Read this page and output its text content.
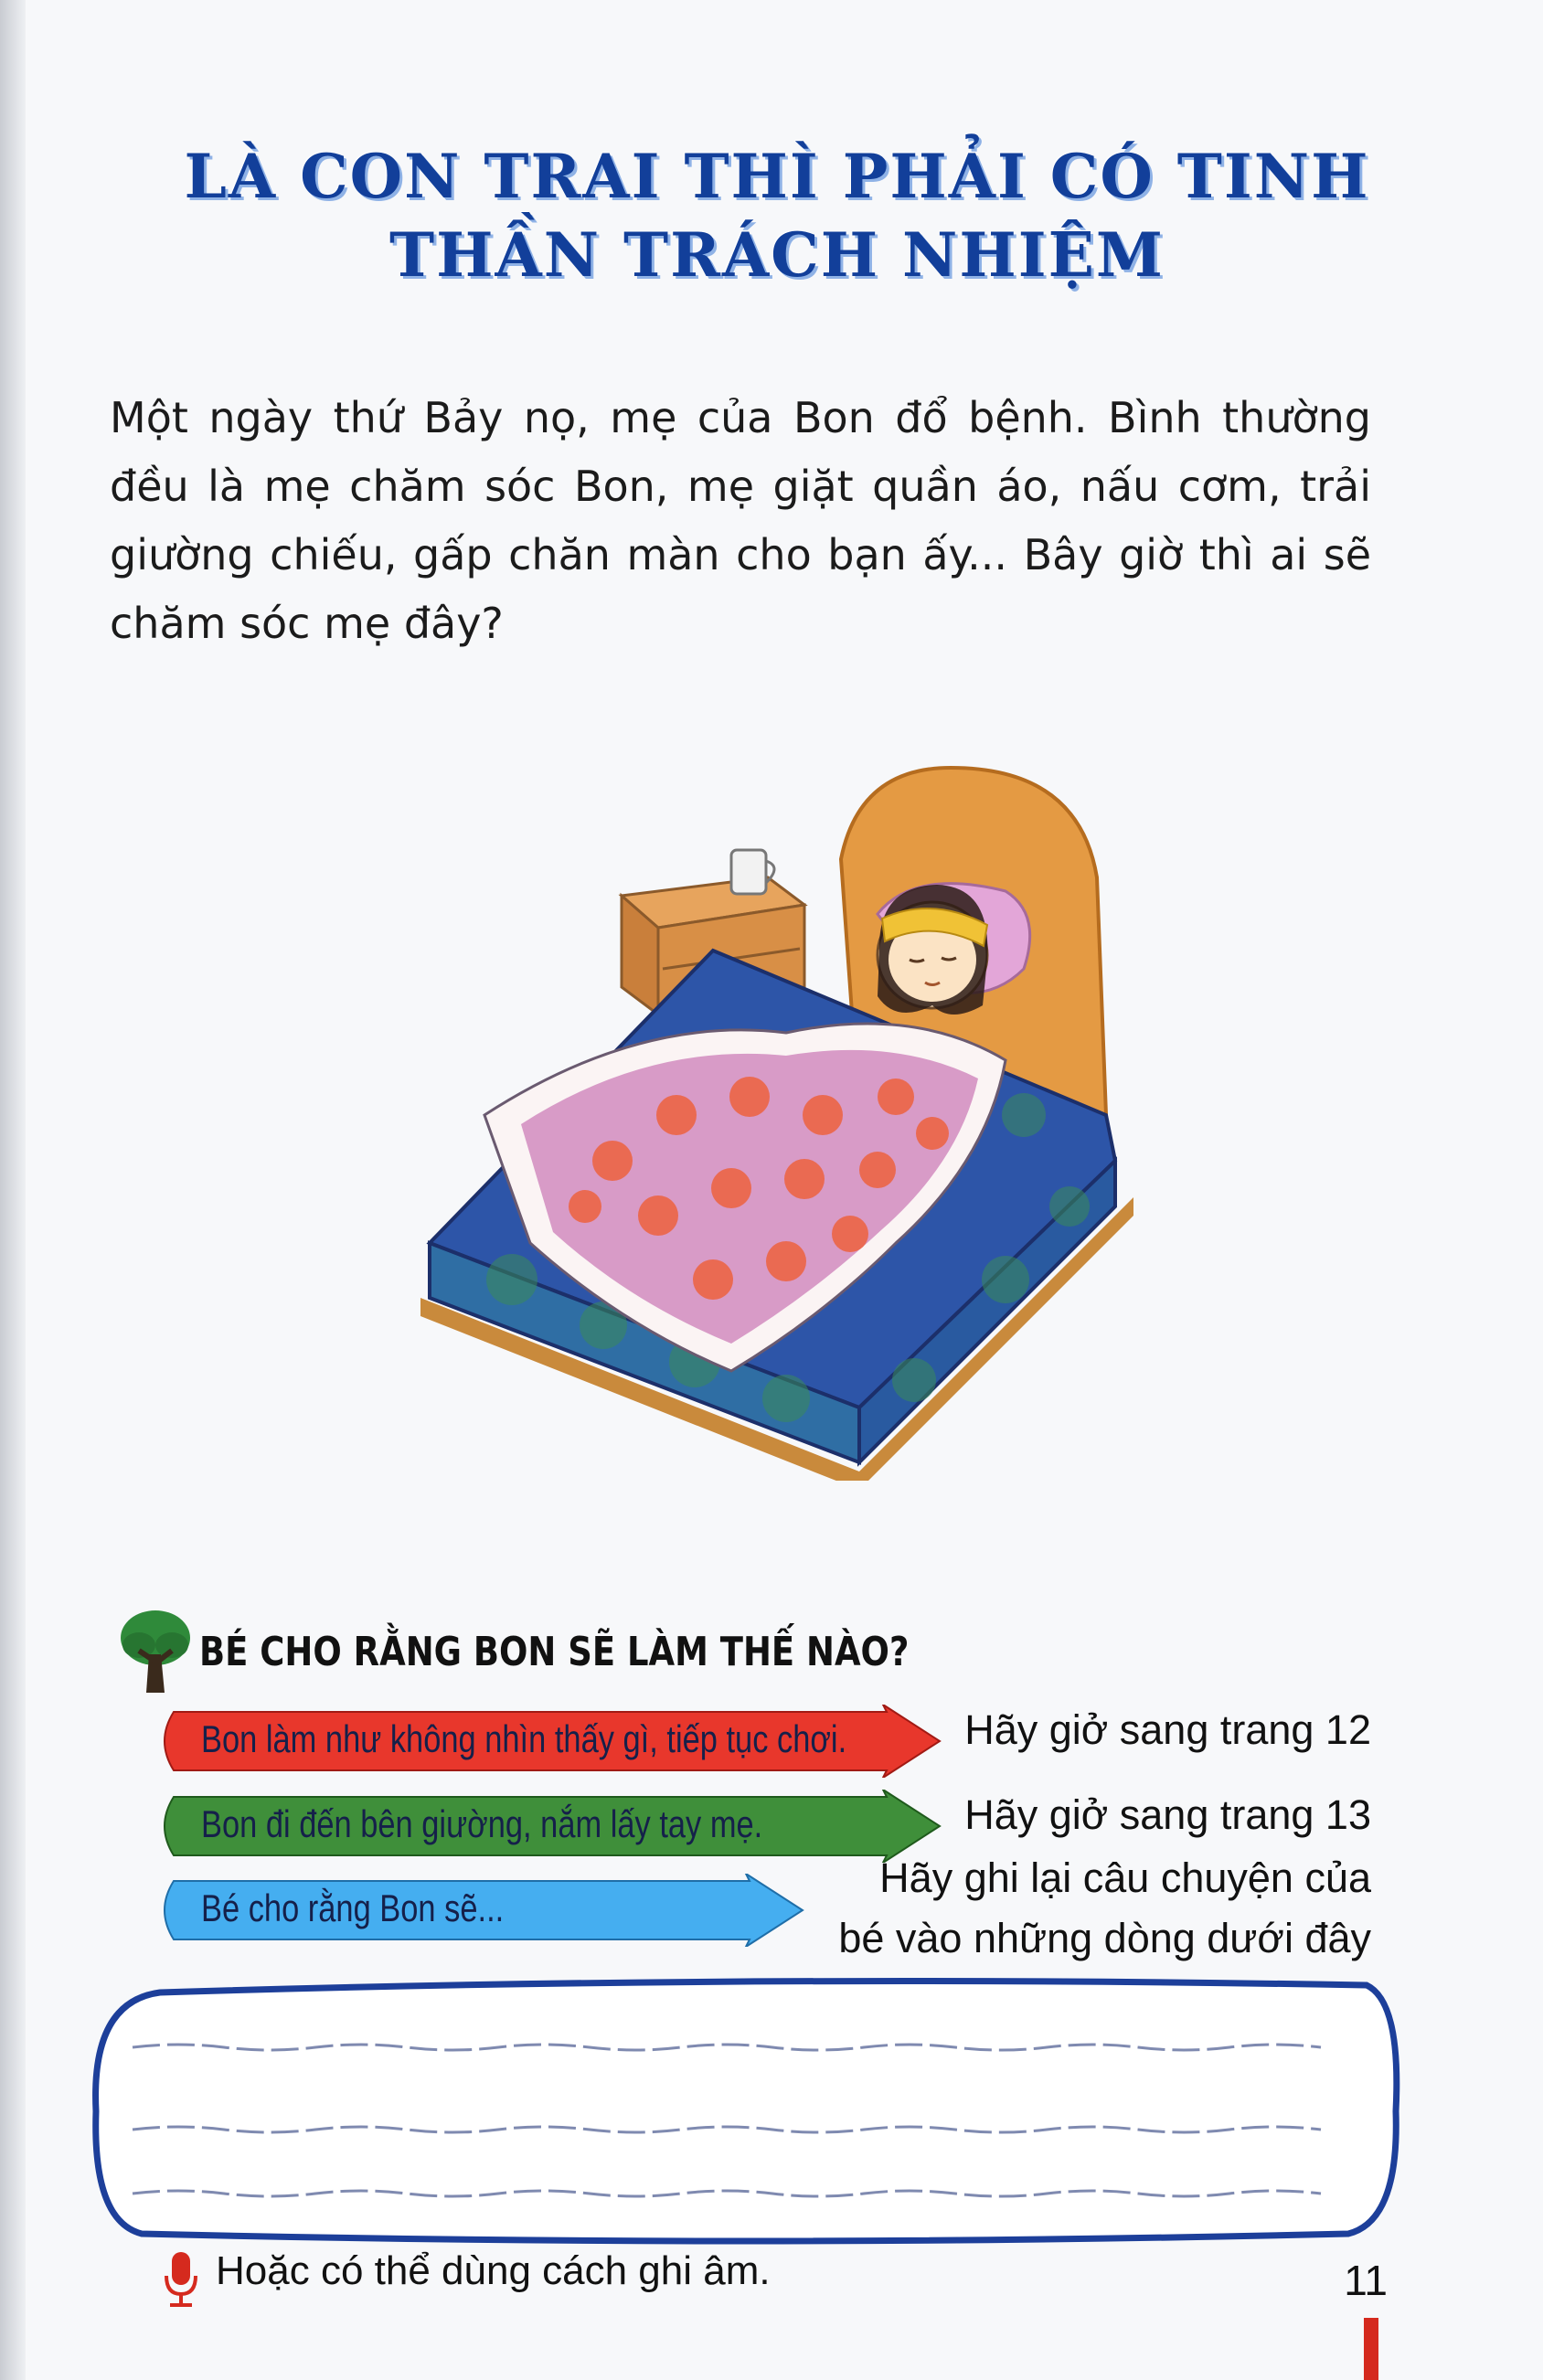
LÀ CON TRAI THÌ PHẢI CÓ TINH
THẦN TRÁCH NHIỆM
Một ngày thứ Bảy nọ, mẹ của Bon đổ bệnh. Bình thường đều là mẹ chăm sóc Bon, mẹ giặt quần áo, nấu cơm, trải giường chiếu, gấp chăn màn cho bạn ấy... Bây giờ thì ai sẽ chăm sóc mẹ đây?
BÉ CHO RẰNG BON SẼ LÀM THẾ NÀO?
Bon làm như không nhìn thấy gì, tiếp tục chơi.	Hãy giở sang trang 12
Bon đi đến bên giường, nắm lấy tay mẹ.	Hãy giở sang trang 13
Bé cho rằng Bon sẽ...
Hãy ghi lại câu chuyện của
bé vào những dòng dưới đây
Hoặc có thể dùng cách ghi âm.	11
